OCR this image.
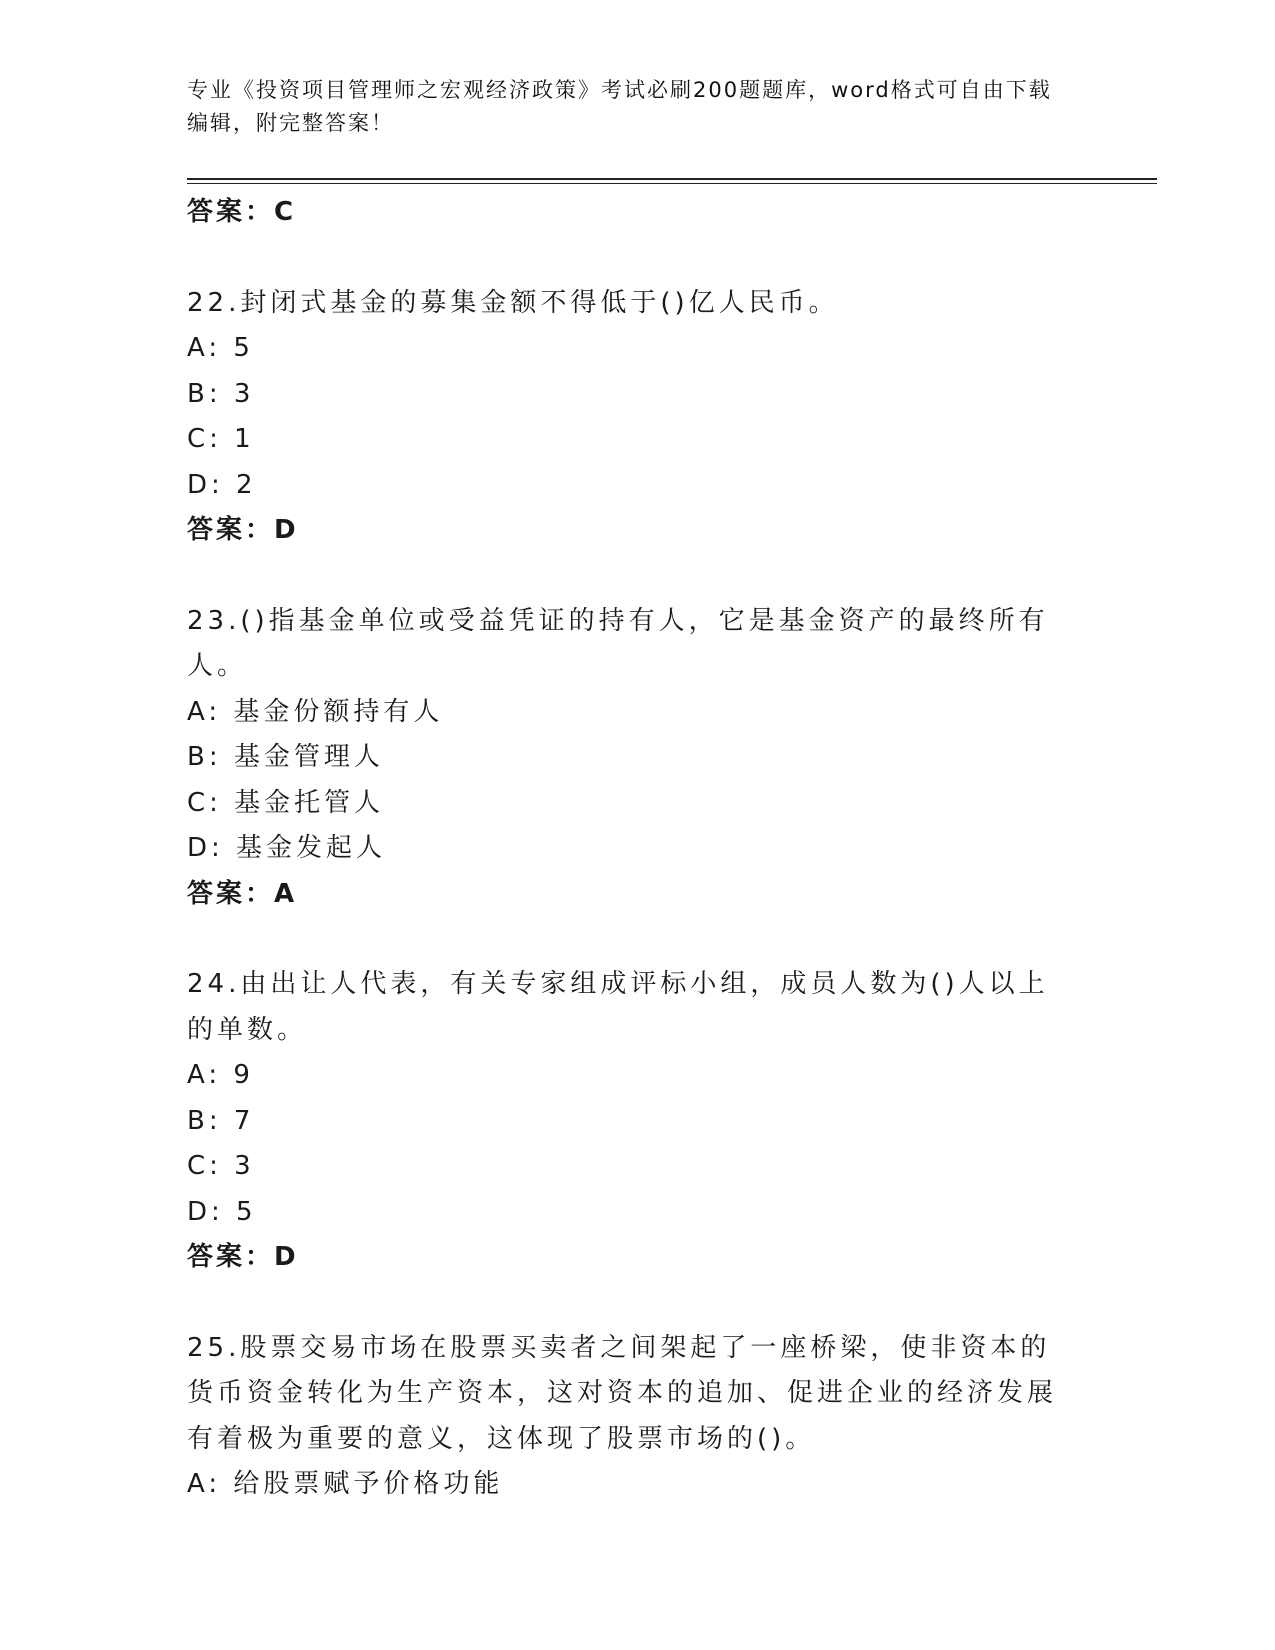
专业《投资项目管理师之宏观经济政策》考试必刷200题题库，word格式可自由下载编辑，附完整答案！
答案：C
22.封闭式基金的募集金额不得低于()亿人民币。
A: 5
B: 3
C: 1
D: 2
答案：D
23.()指基金单位或受益凭证的持有人，它是基金资产的最终所有人。
A: 基金份额持有人
B: 基金管理人
C: 基金托管人
D: 基金发起人
答案：A
24.由出让人代表，有关专家组成评标小组，成员人数为()人以上的单数。
A: 9
B: 7
C: 3
D: 5
答案：D
25.股票交易市场在股票买卖者之间架起了一座桥梁，使非资本的货币资金转化为生产资本，这对资本的追加、促进企业的经济发展有着极为重要的意义，这体现了股票市场的()。
A: 给股票赋予价格功能
